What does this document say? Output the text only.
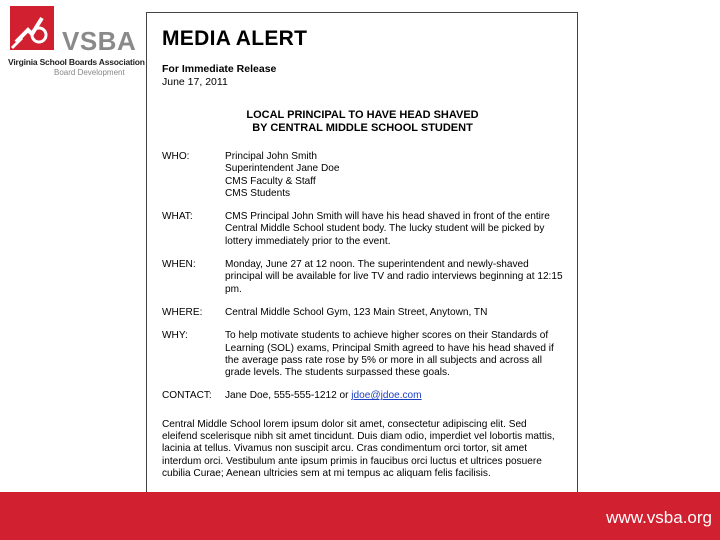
VSBA
Virginia School Boards Association
Board Development
MEDIA ALERT
For Immediate Release
June 17, 2011
LOCAL PRINCIPAL TO HAVE HEAD SHAVED
BY CENTRAL MIDDLE SCHOOL STUDENT
WHO:	Principal John Smith
Superintendent Jane Doe
CMS Faculty & Staff
CMS Students
WHAT:	CMS Principal John Smith will have his head shaved in front of the entire Central Middle School student body. The lucky student will be picked by lottery immediately prior to the event.
WHEN:	Monday, June 27 at 12 noon. The superintendent and newly-shaved principal will be available for live TV and radio interviews beginning at 12:15 pm.
WHERE:	Central Middle School Gym, 123 Main Street, Anytown, TN
WHY:	To help motivate students to achieve higher scores on their Standards of Learning (SOL) exams, Principal Smith agreed to have his head shaved if the average pass rate rose by 5% or more in all subjects and across all grade levels. The students surpassed these goals.
CONTACT:	Jane Doe, 555-555-1212 or jdoe@jdoe.com
Central Middle School lorem ipsum dolor sit amet, consectetur adipiscing elit. Sed eleifend scelerisque nibh sit amet tincidunt. Duis diam odio, imperdiet vel lobortis mattis, lacinia at tellus. Vivamus non suscipit arcu. Cras condimentum orci tortor, sit amet interdum orci. Vestibulum ante ipsum primis in faucibus orci luctus et ultrices posuere cubilia Curae; Aenean ultricies sem at mi tempus ac aliquam felis facilisis.
www.vsba.org
